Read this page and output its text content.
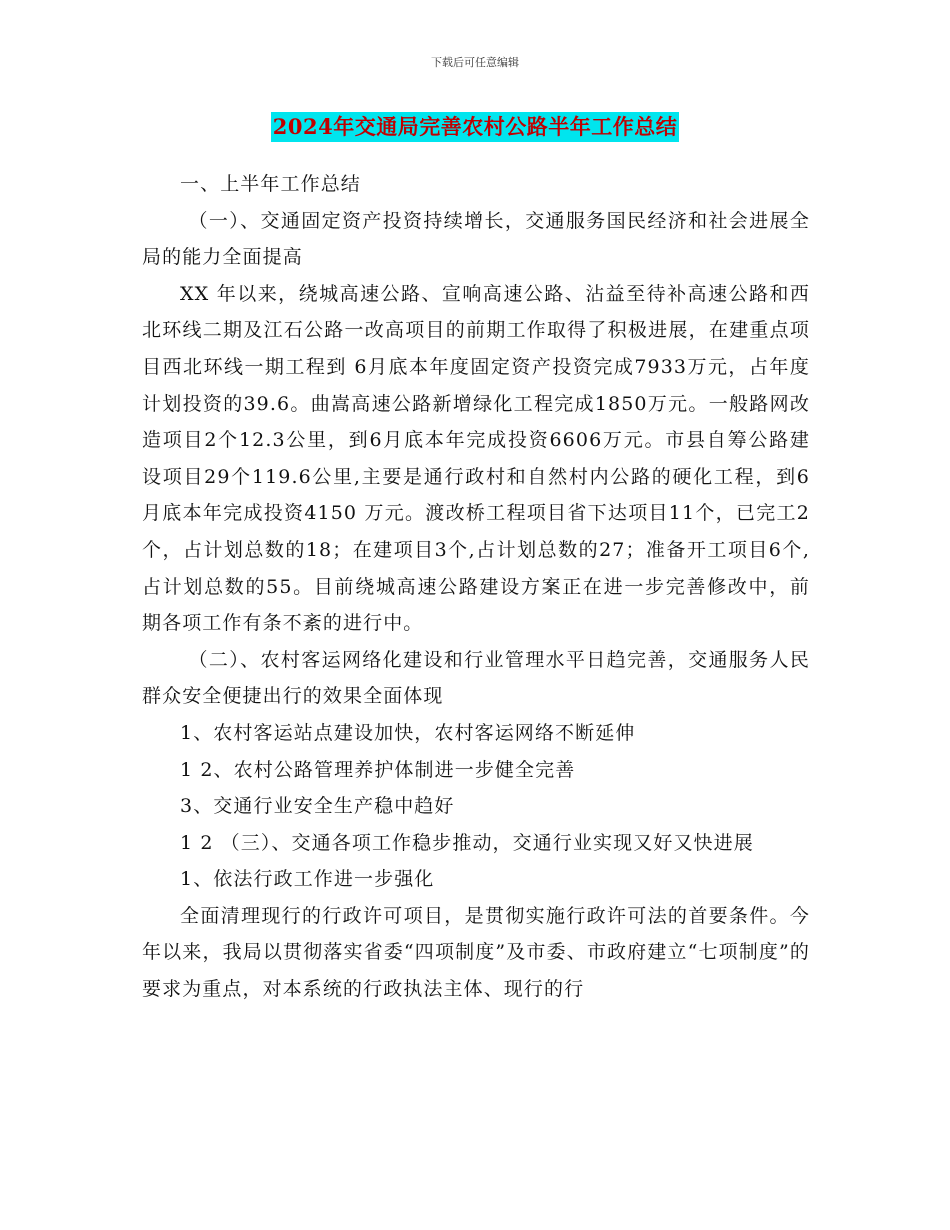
下载后可任意编辑
2024年交通局完善农村公路半年工作总结

一、上半年工作总结

（一）、交通固定资产投资持续增长，交通服务国民经济和社会进展全局的能力全面提高

XX 年以来，绕城高速公路、宣响高速公路、沾益至待补高速公路和西北环线二期及江石公路一改高项目的前期工作取得了积极进展，在建重点项目西北环线一期工程到 6月底本年度固定资产投资完成7933万元，占年度计划投资的39.6。曲嵩高速公路新增绿化工程完成1850万元。一般路网改造项目2个12.3公里，到6月底本年完成投资6606万元。市县自筹公路建设项目29个119.6公里,主要是通行政村和自然村内公路的硬化工程，到6月底本年完成投资4150 万元。渡改桥工程项目省下达项目11个，已完工2个，占计划总数的18；在建项目3个,占计划总数的27；准备开工项目6个,占计划总数的55。目前绕城高速公路建设方案正在进一步完善修改中，前期各项工作有条不紊的进行中。

（二）、农村客运网络化建设和行业管理水平日趋完善，交通服务人民群众安全便捷出行的效果全面体现

1、农村客运站点建设加快，农村客运网络不断延伸

1 2、农村公路管理养护体制进一步健全完善

3、交通行业安全生产稳中趋好

1 2 （三）、交通各项工作稳步推动，交通行业实现又好又快进展

1、依法行政工作进一步强化

全面清理现行的行政许可项目，是贯彻实施行政许可法的首要条件。今年以来，我局以贯彻落实省委“四项制度”及市委、市政府建立“七项制度”的要求为重点，对本系统的行政执法主体、现行的行
